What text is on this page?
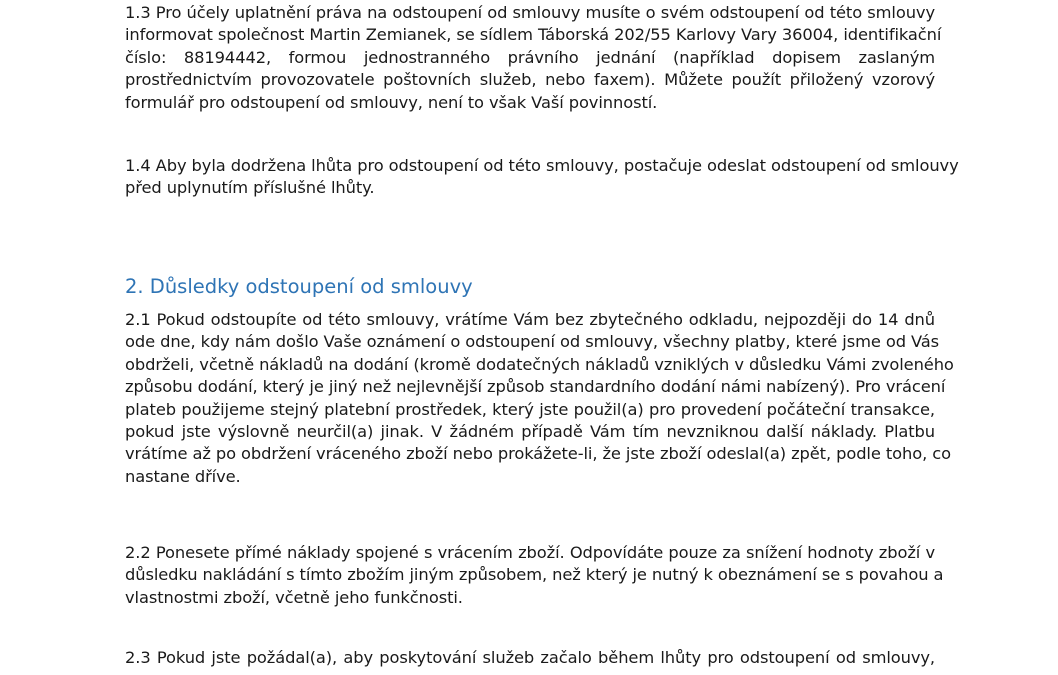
1.3 Pro účely uplatnění práva na odstoupení od smlouvy musíte o svém odstoupení od této smlouvy
informovat společnost Martin Zemianek, se sídlem Táborská 202/55 Karlovy Vary 36004, identifikační
číslo: 88194442, formou jednostranného právního jednání (například dopisem zaslaným
prostřednictvím provozovatele poštovních služeb, nebo faxem). Můžete použít přiložený vzorový
formulář pro odstoupení od smlouvy, není to však Vaší povinností.

1.4 Aby byla dodržena lhůta pro odstoupení od této smlouvy, postačuje odeslat odstoupení od smlouvy
před uplynutím příslušné lhůty.

2. Důsledky odstoupení od smlouvy

2.1 Pokud odstoupíte od této smlouvy, vrátíme Vám bez zbytečného odkladu, nejpozději do 14 dnů
ode dne, kdy nám došlo Vaše oznámení o odstoupení od smlouvy, všechny platby, které jsme od Vás
obdrželi, včetně nákladů na dodání (kromě dodatečných nákladů vzniklých v důsledku Vámi zvoleného
způsobu dodání, který je jiný než nejlevnější způsob standardního dodání námi nabízený). Pro vrácení
plateb použijeme stejný platební prostředek, který jste použil(a) pro provedení počáteční transakce,
pokud jste výslovně neurčil(a) jinak. V žádném případě Vám tím nevzniknou další náklady. Platbu
vrátíme až po obdržení vráceného zboží nebo prokážete-li, že jste zboží odeslal(a) zpět, podle toho, co
nastane dříve.

2.2 Ponesete přímé náklady spojené s vrácením zboží. Odpovídáte pouze za snížení hodnoty zboží v
důsledku nakládání s tímto zbožím jiným způsobem, než který je nutný k obeznámení se s povahou a
vlastnostmi zboží, včetně jeho funkčnosti.

2.3 Pokud jste požádal(a), aby poskytování služeb začalo během lhůty pro odstoupení od smlouvy,
